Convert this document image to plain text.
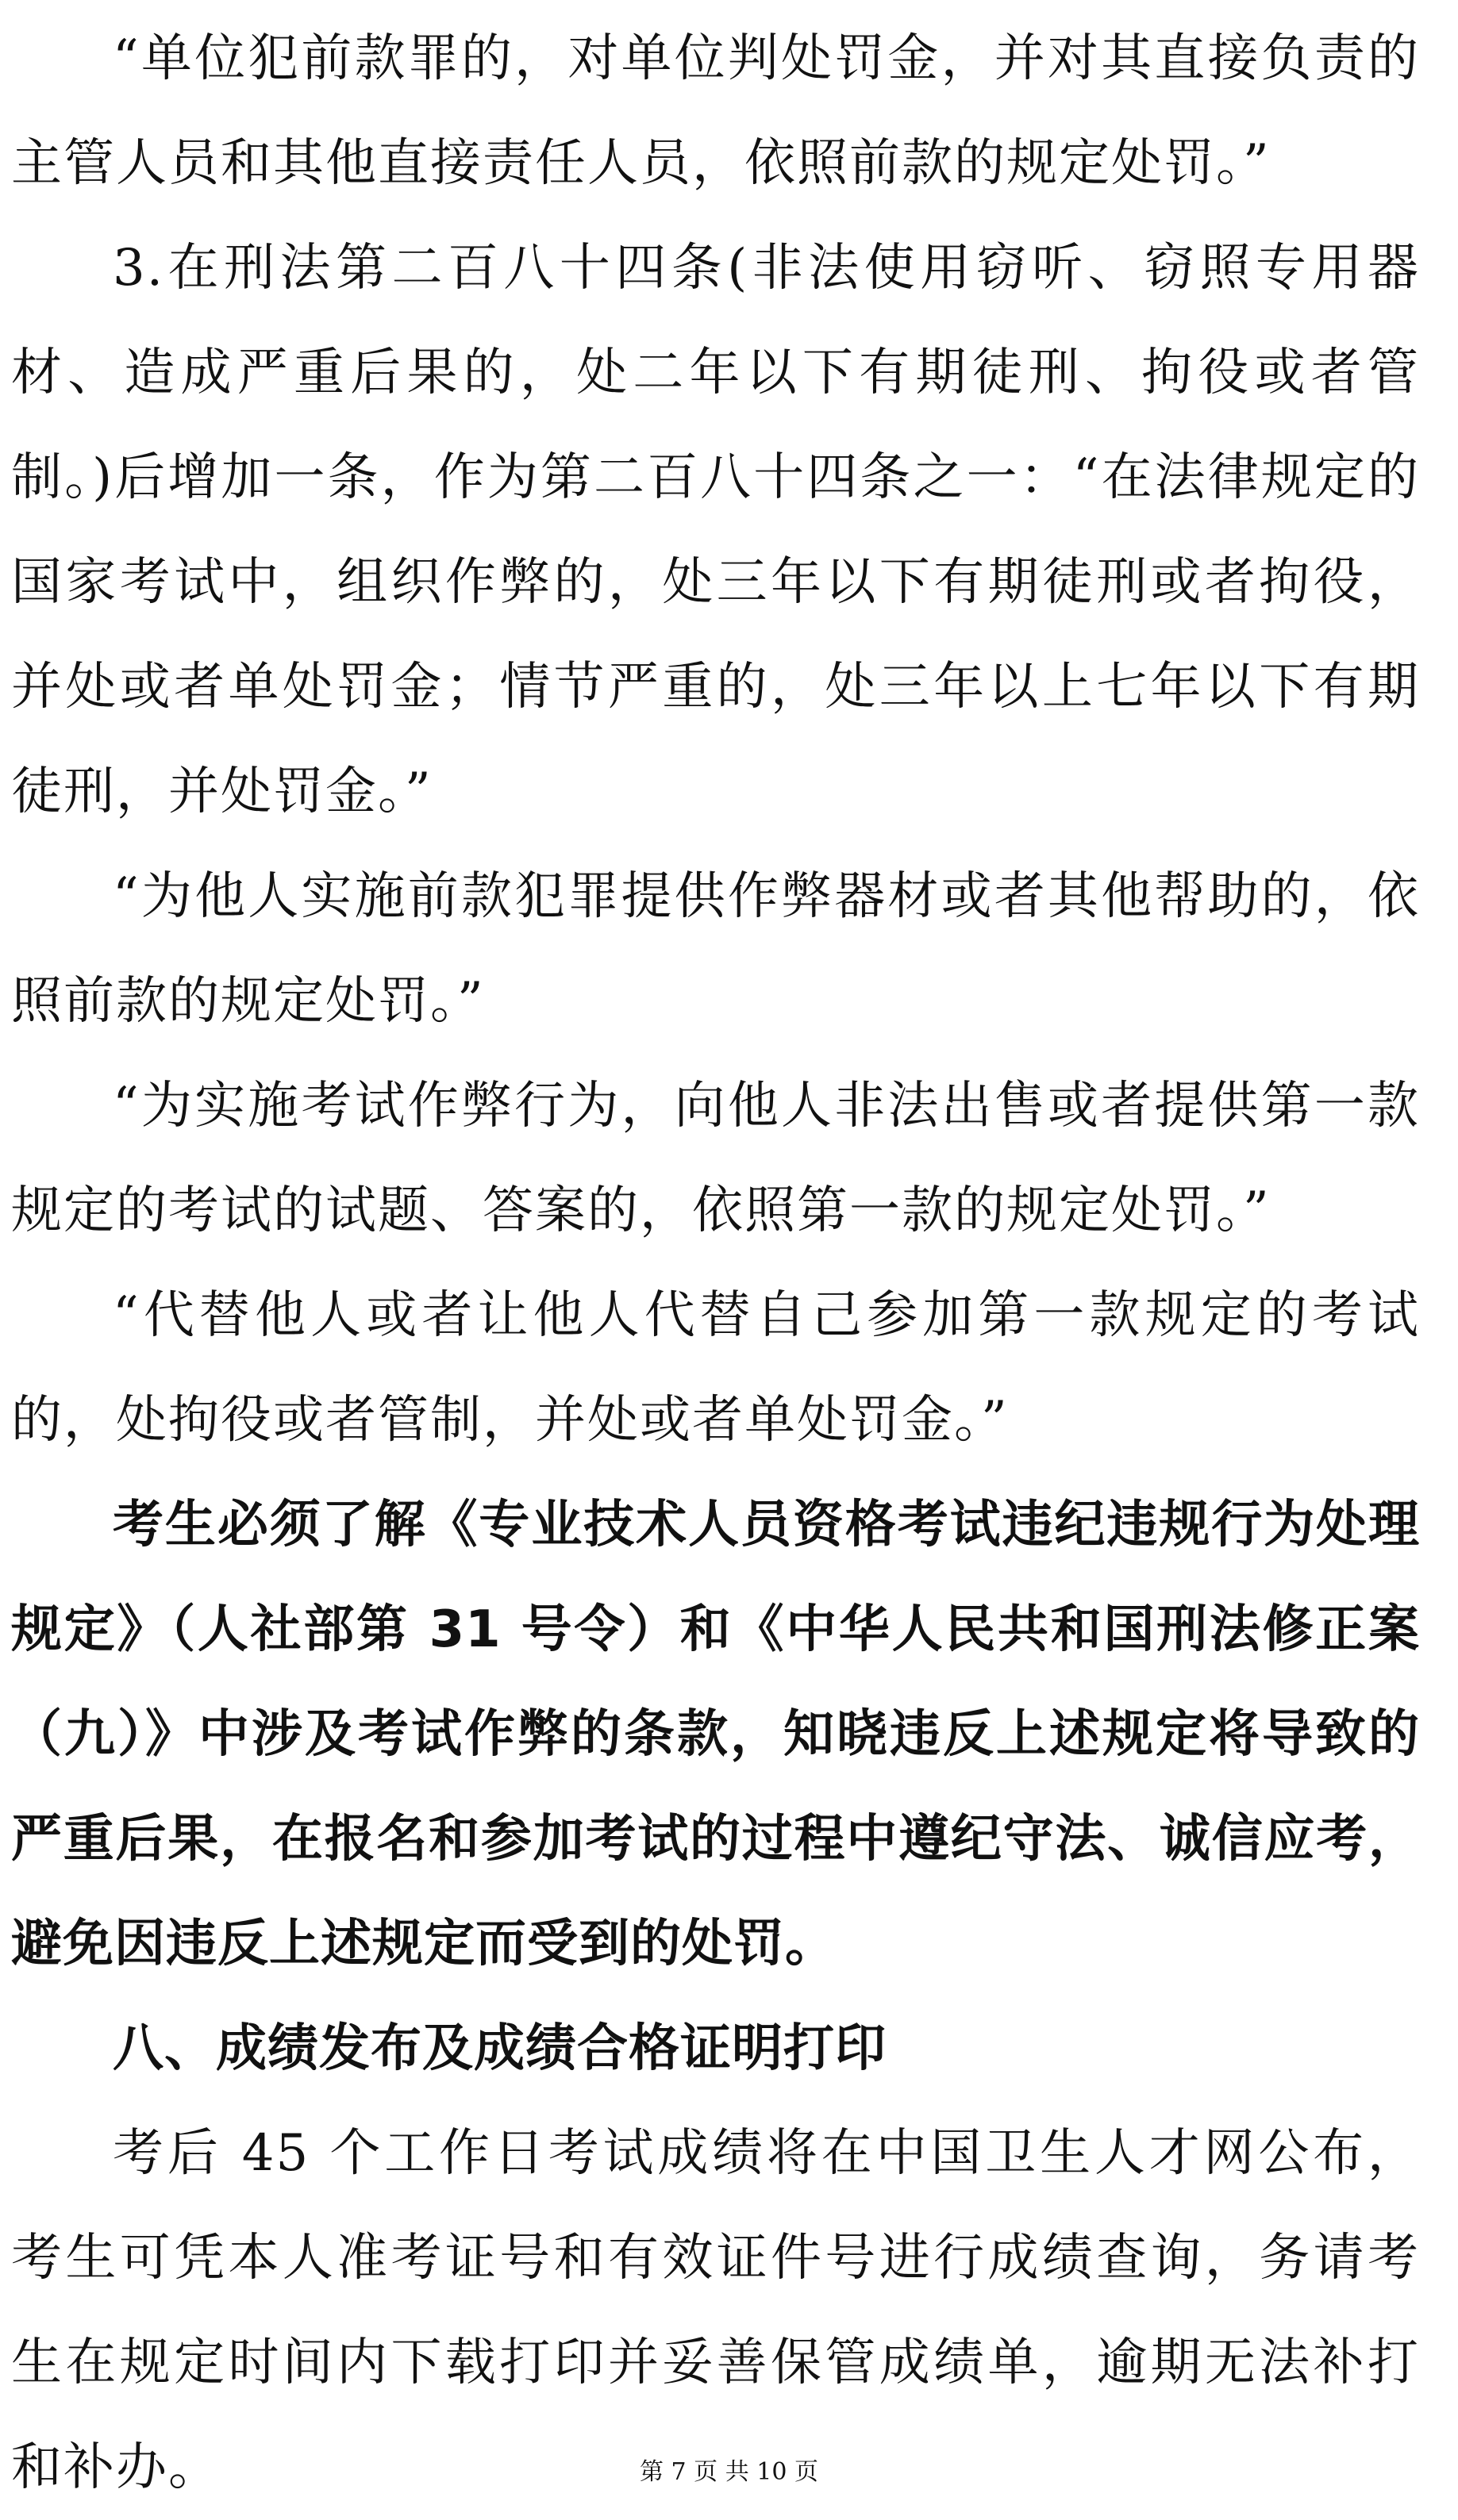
“单位犯前款罪的，对单位判处罚金，并对其直接负责的主管人员和其他直接责任人员，依照前款的规定处罚。”

3.在刑法第二百八十四条(非法使用窃听、窃照专用器材、造成严重后果的，处二年以下有期徒刑、拘役或者管制。)后增加一条，作为第二百八十四条之一：“在法律规定的国家考试中，组织作弊的，处三年以下有期徒刑或者拘役，并处或者单处罚金；情节严重的，处三年以上七年以下有期徒刑，并处罚金。”

“为他人实施前款犯罪提供作弊器材或者其他帮助的，依照前款的规定处罚。”

“为实施考试作弊行为，向他人非法出售或者提供第一款规定的考试的试题、答案的，依照第一款的规定处罚。”

“代替他人或者让他人代替自己参加第一款规定的考试的，处拘役或者管制，并处或者单处罚金。”

考生必须了解《专业技术人员资格考试违纪违规行为处理规定》（人社部第 31 号令）和《中华人民共和国刑法修正案（九）》中涉及考试作弊的条款，知晓违反上述规定将导致的严重后果，在报名和参加考试的过程中遵纪守法、诚信应考，避免因违反上述规定而受到的处罚。

八、成绩发布及成绩合格证明打印

考后 45 个工作日考试成绩将在中国卫生人才网公布，考生可凭本人准考证号和有效证件号进行成绩查询，务请考生在规定时间内下载打印并妥善保管成绩单，逾期无法补打和补办。	第 7 页 共 10 页
